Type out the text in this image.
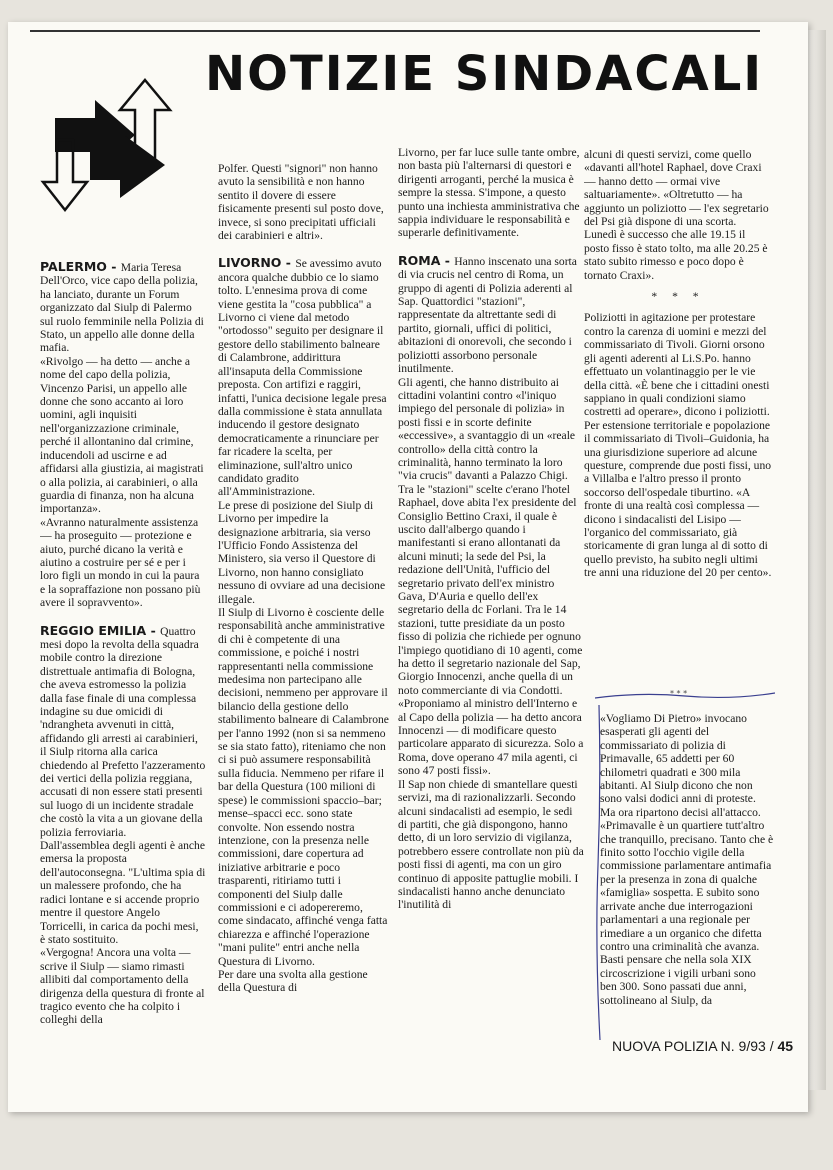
NOTIZIE SINDACALI

PALERMO - Maria Teresa Dell'Orco, vice capo della polizia, ha lanciato, durante un Forum organizzato dal Siulp di Palermo sul ruolo femminile nella Polizia di Stato, un appello alle donne della mafia.

«Rivolgo — ha detto — anche a nome del capo della polizia, Vincenzo Parisi, un appello alle donne che sono accanto ai loro uomini, agli inquisiti nell'organizzazione criminale, perché il allontanino dal crimine, inducendoli ad uscirne e ad affidarsi alla giustizia, ai magistrati o alla polizia, ai carabinieri, o alla guardia di finanza, non ha alcuna importanza».

«Avranno naturalmente assistenza — ha proseguito — protezione e aiuto, purché dicano la verità e aiutino a costruire per sé e per i loro figli un mondo in cui la paura e la sopraffazione non possano più avere il sopravvento».

REGGIO EMILIA - Quattro mesi dopo la revolta della squadra mobile contro la direzione distrettuale antimafia di Bologna, che aveva estromesso la polizia dalla fase finale di una complessa indagine su due omicidi di 'ndrangheta avvenuti in città, affidando gli arresti ai carabinieri, il Siulp ritorna alla carica chiedendo al Prefetto l'azzeramento dei vertici della polizia reggiana, accusati di non essere stati presenti sul luogo di un incidente stradale che costò la vita a un giovane della polizia ferroviaria.

Dall'assemblea degli agenti è anche emersa la proposta dell'autoconsegna. "L'ultima spia di un malessere profondo, che ha radici lontane e si accende proprio mentre il questore Angelo Torricelli, in carica da pochi mesi, è stato sostituito.

«Vergogna! Ancora una volta — scrive il Siulp — siamo rimasti allibiti dal comportamento della dirigenza della questura di fronte al tragico evento che ha colpito i colleghi della

Polfer. Questi "signori" non hanno avuto la sensibilità e non hanno sentito il dovere di essere fisicamente presenti sul posto dove, invece, si sono precipitati ufficiali dei carabinieri e altri».

LIVORNO - Se avessimo avuto ancora qualche dubbio ce lo siamo tolto. L'ennesima prova di come viene gestita la "cosa pubblica" a Livorno ci viene dal metodo "ortodosso" seguito per designare il gestore dello stabilimento balneare di Calambrone, addirittura all'insaputa della Commissione preposta. Con artifizi e raggiri, infatti, l'unica decisione legale presa dalla commissione è stata annullata inducendo il gestore designato democraticamente a rinunciare per far ricadere la scelta, per eliminazione, sull'altro unico candidato gradito all'Amministrazione.

Le prese di posizione del Siulp di Livorno per impedire la designazione arbitraria, sia verso l'Ufficio Fondo Assistenza del Ministero, sia verso il Questore di Livorno, non hanno consigliato nessuno di ovviare ad una decisione illegale.

Il Siulp di Livorno è cosciente delle responsabilità anche amministrative di chi è competente di una commissione, e poiché i nostri rappresentanti nella commissione medesima non partecipano alle decisioni, nemmeno per approvare il bilancio della gestione dello stabilimento balneare di Calambrone per l'anno 1992 (non si sa nemmeno se sia stato fatto), riteniamo che non ci si può assumere responsabilità sulla fiducia. Nemmeno per rifare il bar della Questura (100 milioni di spese) le commissioni spaccio–bar; mense–spacci ecc. sono state convolte. Non essendo nostra intenzione, con la presenza nelle commissioni, dare copertura ad iniziative arbitrarie e poco trasparenti, ritiriamo tutti i componenti del Siulp dalle commissioni e ci adopereremo, come sindacato, affinché venga fatta chiarezza e affinché l'operazione "mani pulite" entri anche nella Questura di Livorno.

Per dare una svolta alla gestione della Questura di

Livorno, per far luce sulle tante ombre, non basta più l'alternarsi di questori e dirigenti arroganti, perché la musica è sempre la stessa. S'impone, a questo punto una inchiesta amministrativa che sappia individuare le responsabilità e superarle definitivamente.

ROMA - Hanno inscenato una sorta di via crucis nel centro di Roma, un gruppo di agenti di Polizia aderenti al Sap. Quattordici "stazioni", rappresentate da altrettante sedi di partito, giornali, uffici di politici, abitazioni di onorevoli, che secondo i poliziotti assorbono personale inutilmente.

Gli agenti, che hanno distribuito ai cittadini volantini contro «l'iniquo impiego del personale di polizia» in posti fissi e in scorte definite «eccessive», a svantaggio di un «reale controllo» della città contro la criminalità, hanno terminato la loro "via crucis" davanti a Palazzo Chigi.

Tra le "stazioni" scelte c'erano l'hotel Raphael, dove abita l'ex presidente del Consiglio Bettino Craxi, il quale è uscito dall'albergo quando i manifestanti si erano allontanati da alcuni minuti; la sede del Psi, la redazione dell'Unità, l'ufficio del segretario privato dell'ex ministro Gava, D'Auria e quello dell'ex segretario della dc Forlani. Tra le 14 stazioni, tutte presidiate da un posto fisso di polizia che richiede per ognuno l'impiego quotidiano di 10 agenti, come ha detto il segretario nazionale del Sap, Giorgio Innocenzi, anche quella di un noto commerciante di via Condotti. «Proponiamo al ministro dell'Interno e al Capo della polizia — ha detto ancora Innocenzi — di modificare questo particolare apparato di sicurezza. Solo a Roma, dove operano 47 mila agenti, ci sono 47 posti fissi».

Il Sap non chiede di smantellare questi servizi, ma di razionalizzarli. Secondo alcuni sindacalisti ad esempio, le sedi di partiti, che già dispongono, hanno detto, di un loro servizio di vigilanza, potrebbero essere controllate non più da posti fissi di agenti, ma con un giro continuo di apposite pattuglie mobili. I sindacalisti hanno anche denunciato l'inutilità di

alcuni di questi servizi, come quello «davanti all'hotel Raphael, dove Craxi — hanno detto — ormai vive saltuariamente». «Oltretutto — ha aggiunto un poliziotto — l'ex segretario del Psi già dispone di una scorta. Lunedì è successo che alle 19.15 il posto fisso è stato tolto, ma alle 20.25 è stato subito rimesso e poco dopo è tornato Craxi».

* * *

Poliziotti in agitazione per protestare contro la carenza di uomini e mezzi del commissariato di Tivoli. Giorni orsono gli agenti aderenti al Li.S.Po. hanno effettuato un volantinaggio per le vie della città. «È bene che i cittadini onesti sappiano in quali condizioni siamo costretti ad operare», dicono i poliziotti. Per estensione territoriale e popolazione il commissariato di Tivoli–Guidonia, ha una giurisdizione superiore ad alcune questure, comprende due posti fissi, uno a Villalba e l'altro presso il pronto soccorso dell'ospedale tiburtino. «A fronte di una realtà così complessa — dicono i sindacalisti del Lisipo — l'organico del commissariato, già storicamente di gran lunga al di sotto di quello previsto, ha subito negli ultimi tre anni una riduzione del 20 per cento».

* * *

«Vogliamo Di Pietro» invocano esasperati gli agenti del commissariato di polizia di Primavalle, 65 addetti per 60 chilometri quadrati e 300 mila abitanti. Al Siulp dicono che non sono valsi dodici anni di proteste. Ma ora ripartono decisi all'attacco. «Primavalle è un quartiere tutt'altro che tranquillo, precisano. Tanto che è finito sotto l'occhio vigile della commissione parlamentare antimafia per la presenza in zona di qualche «famiglia» sospetta. E subito sono arrivate anche due interrogazioni parlamentari a una regionale per rimediare a un organico che difetta contro una criminalità che avanza. Basti pensare che nella sola XIX circoscrizione i vigili urbani sono ben 300. Sono passati due anni, sottolineano al Siulp, da

NUOVA POLIZIA N. 9/93 / 45
